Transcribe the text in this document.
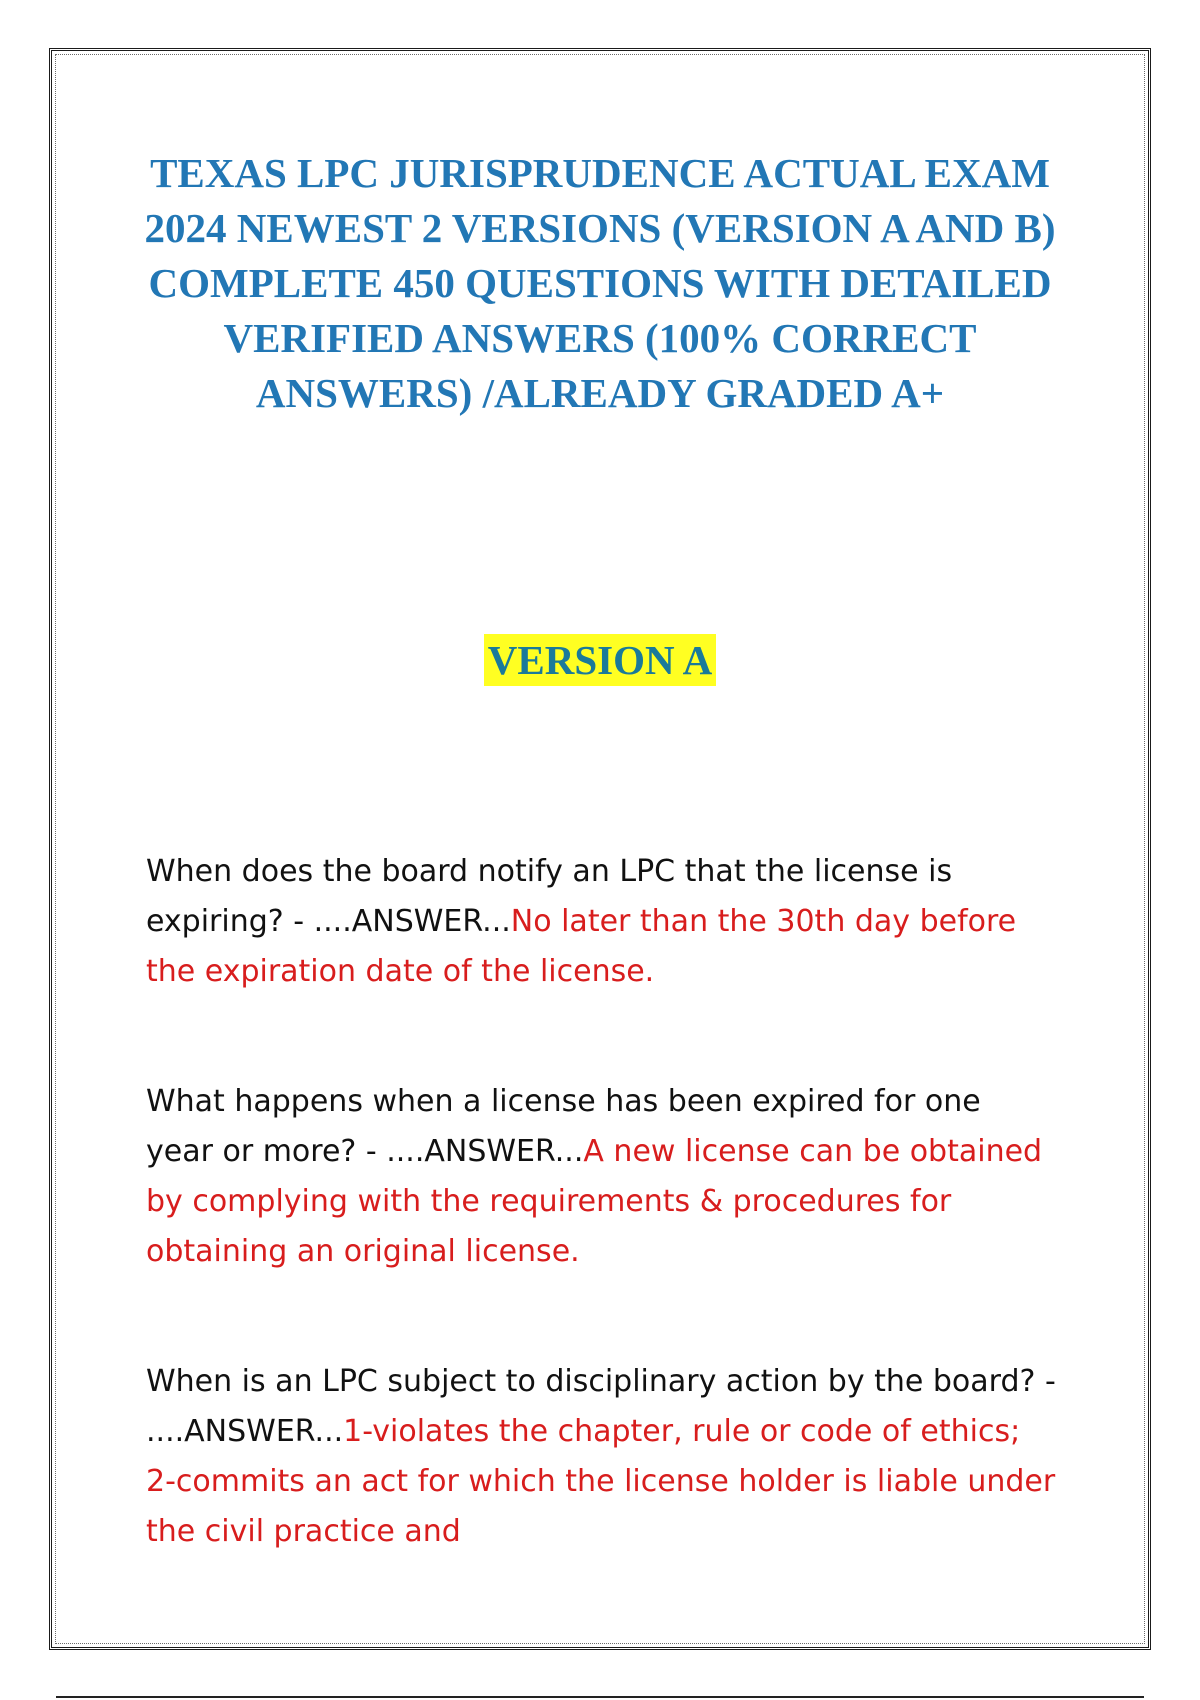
TEXAS LPC JURISPRUDENCE ACTUAL EXAM 2024 NEWEST 2 VERSIONS (VERSION A AND B) COMPLETE 450 QUESTIONS WITH DETAILED VERIFIED ANSWERS (100% CORRECT ANSWERS) /ALREADY GRADED A+
VERSION A

When does the board notify an LPC that the license is expiring? - ....ANSWER...No later than the 30th day before the expiration date of the license.

What happens when a license has been expired for one year or more? - ....ANSWER...A new license can be obtained by complying with the requirements & procedures for obtaining an original license.

When is an LPC subject to disciplinary action by the board? - ....ANSWER...1-violates the chapter, rule or code of ethics; 2-commits an act for which the license holder is liable under the civil practice and
